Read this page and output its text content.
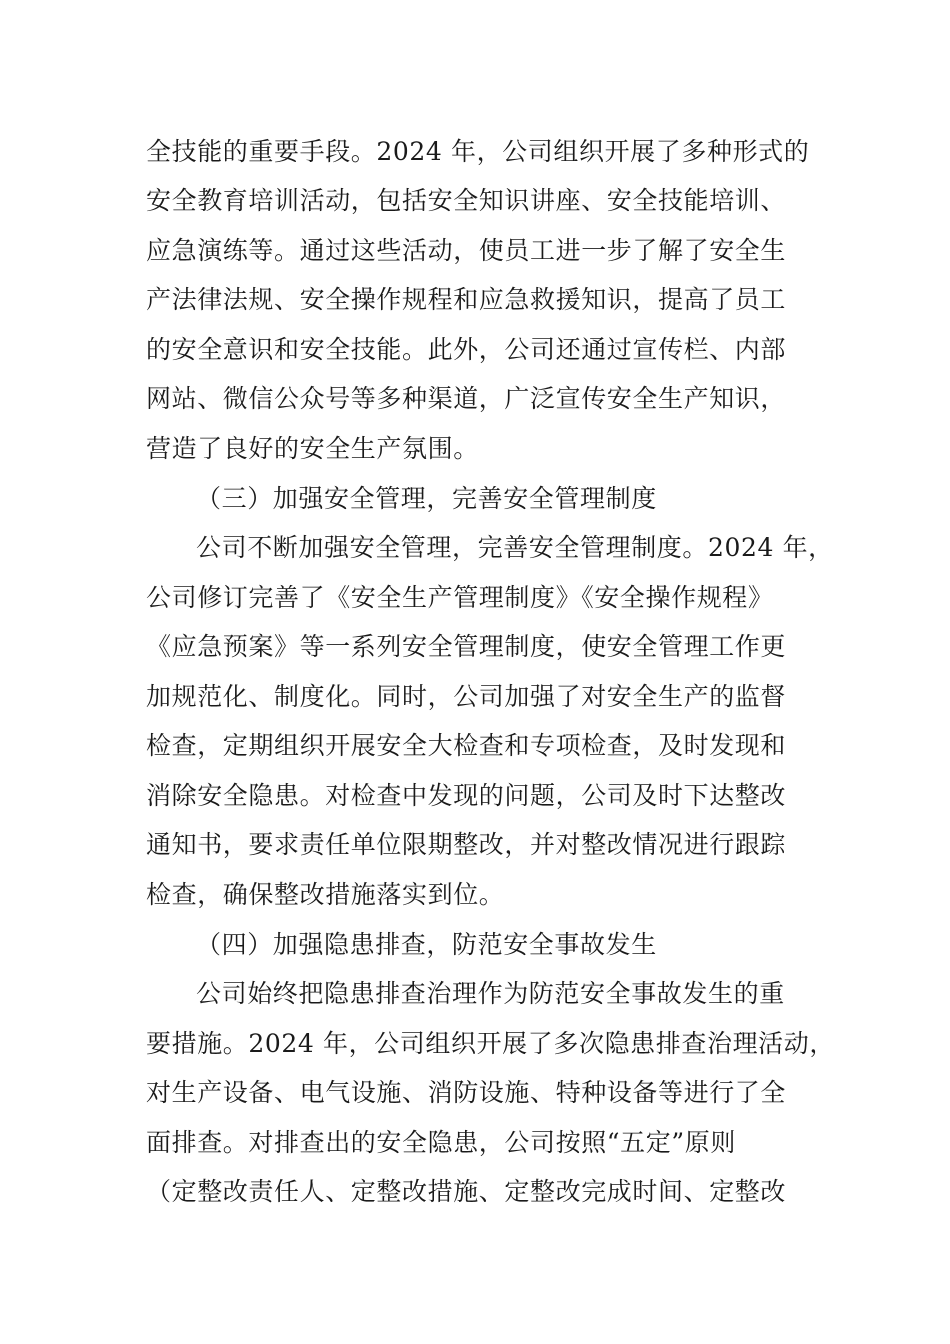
全技能的重要手段。2024 年，公司组织开展了多种形式的
安全教育培训活动，包括安全知识讲座、安全技能培训、
应急演练等。通过这些活动，使员工进一步了解了安全生
产法律法规、安全操作规程和应急救援知识，提高了员工
的安全意识和安全技能。此外，公司还通过宣传栏、内部
网站、微信公众号等多种渠道，广泛宣传安全生产知识，
营造了良好的安全生产氛围。
（三）加强安全管理，完善安全管理制度
公司不断加强安全管理，完善安全管理制度。2024 年，
公司修订完善了《安全生产管理制度》《安全操作规程》
《应急预案》等一系列安全管理制度，使安全管理工作更
加规范化、制度化。同时，公司加强了对安全生产的监督
检查，定期组织开展安全大检查和专项检查，及时发现和
消除安全隐患。对检查中发现的问题，公司及时下达整改
通知书，要求责任单位限期整改，并对整改情况进行跟踪
检查，确保整改措施落实到位。
（四）加强隐患排查，防范安全事故发生
公司始终把隐患排查治理作为防范安全事故发生的重
要措施。2024 年，公司组织开展了多次隐患排查治理活动，
对生产设备、电气设施、消防设施、特种设备等进行了全
面排查。对排查出的安全隐患，公司按照“五定”原则
（定整改责任人、定整改措施、定整改完成时间、定整改
